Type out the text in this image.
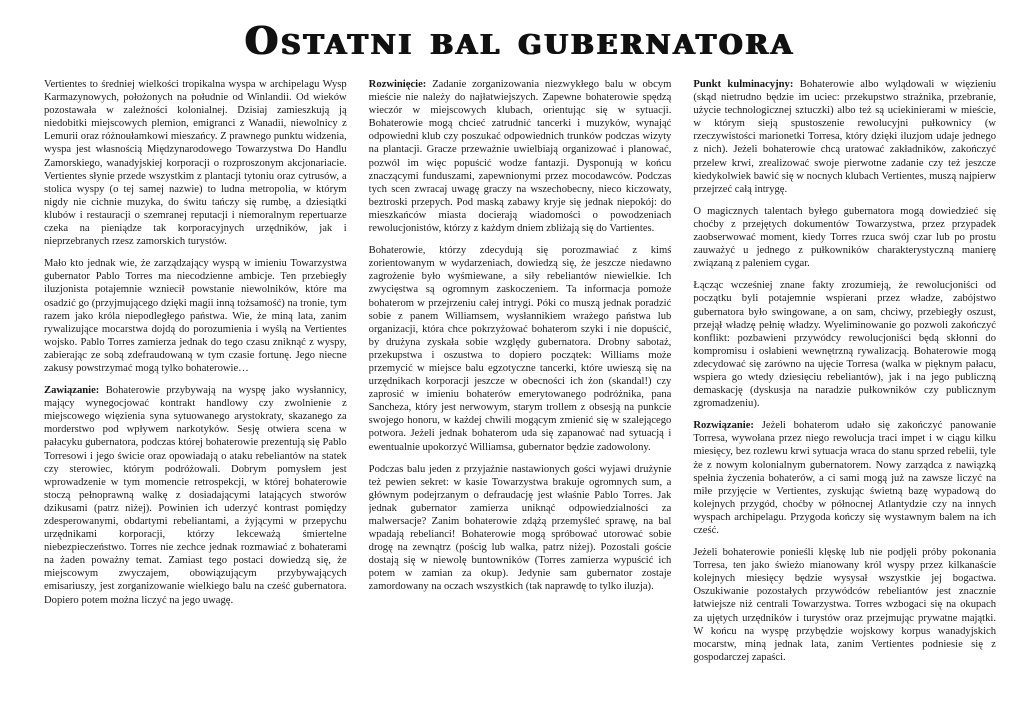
Ostatni bal gubernatora

Vertientes to średniej wielkości tropikalna wyspa w archipelagu Wysp Karmazynowych, położonych na południe od Winlandii. Od wieków pozostawała w zależności kolonialnej. Dzisiaj zamieszkują ją niedobitki miejscowych plemion, emigranci z Wanadii, niewolnicy z Lemurii oraz różnoułamkowi mieszańcy. Z prawnego punktu widzenia, wyspa jest własnością Międzynarodowego Towarzystwa Do Handlu Zamorskiego, wanadyjskiej korporacji o rozproszonym akcjonariacie. Vertientes słynie przede wszystkim z plantacji tytoniu oraz cytrusów, a stolica wyspy (o tej samej nazwie) to ludna metropolia, w którym nigdy nie cichnie muzyka, do świtu tańczy się rumbę, a dziesiątki klubów i restauracji o szemranej reputacji i niemoralnym repertuarze czeka na pieniądze tak korporacyjnych urzędników, jak i nieprzebranych rzesz zamorskich turystów.

Mało kto jednak wie, że zarządzający wyspą w imieniu Towarzystwa gubernator Pablo Torres ma niecodzienne ambicje. Ten przebiegły iluzjonista potajemnie wzniecił powstanie niewolników, które ma osadzić go (przyjmującego dzięki magii inną tożsamość) na tronie, tym razem jako króla niepodległego państwa. Wie, że miną lata, zanim rywalizujące mocarstwa dojdą do porozumienia i wyślą na Vertientes wojsko. Pablo Torres zamierza jednak do tego czasu zniknąć z wyspy, zabierając ze sobą zdefraudowaną w tym czasie fortunę. Jego niecne zakusy powstrzymać mogą tylko bohaterowie…

Zawiązanie: Bohaterowie przybywają na wyspę jako wysłannicy, mający wynegocjować kontrakt handlowy czy zwolnienie z miejscowego więzienia syna sytuowanego arystokraty, skazanego za morderstwo pod wpływem narkotyków. Sesję otwiera scena w pałacyku gubernatora, podczas której bohaterowie prezentują się Pablo Torresowi i jego świcie oraz opowiadają o ataku rebeliantów na statek czy sterowiec, którym podróżowali. Dobrym pomysłem jest wprowadzenie w tym momencie retrospekcji, w której bohaterowie stoczą pełnoprawną walkę z dosiadającymi latających stworów dzikusami (patrz niżej). Powinien ich uderzyć kontrast pomiędzy zdesperowanymi, obdartymi rebeliantami, a żyjącymi w przepychu urzędnikami korporacji, którzy lekceważą śmiertelne niebezpieczeństwo. Torres nie zechce jednak rozmawiać z bohaterami na żaden poważny temat. Zamiast tego postaci dowiedzą się, że miejscowym zwyczajem, obowiązującym przybywających emisariuszy, jest zorganizowanie wielkiego balu na cześć gubernatora. Dopiero potem można liczyć na jego uwagę.

Rozwinięcie: Zadanie zorganizowania niezwykłego balu w obcym mieście nie należy do najłatwiejszych. Zapewne bohaterowie spędzą wieczór w miejscowych klubach, orientując się w sytuacji. Bohaterowie mogą chcieć zatrudnić tancerki i muzyków, wynająć odpowiedni klub czy poszukać odpowiednich trunków podczas wizyty na plantacji. Gracze przeważnie uwielbiają organizować i planować, pozwól im więc popuścić wodze fantazji. Dysponują w końcu znaczącymi funduszami, zapewnionymi przez mocodawców. Podczas tych scen zwracaj uwagę graczy na wszechobecny, nieco kiczowaty, beztroski przepych. Pod maską zabawy kryje się jednak niepokój: do mieszkańców miasta docierają wiadomości o powodzeniach rewolucjonistów, którzy z każdym dniem zbliżają się do Vartientes.

Bohaterowie, którzy zdecydują się porozmawiać z kimś zorientowanym w wydarzeniach, dowiedzą się, że jeszcze niedawno zagrożenie było wyśmiewane, a siły rebeliantów niewielkie. Ich zwycięstwa są ogromnym zaskoczeniem. Ta informacja pomoże bohaterom w przejrzeniu całej intrygi. Póki co muszą jednak poradzić sobie z panem Williamsem, wysłannikiem wrażego państwa lub organizacji, która chce pokrzyżować bohaterom szyki i nie dopuścić, by drużyna zyskała sobie względy gubernatora. Drobny sabotaż, przekupstwa i oszustwa to dopiero początek: Williams może przemycić w miejsce balu egzotyczne tancerki, które uwieszą się na urzędnikach korporacji jeszcze w obecności ich żon (skandal!) czy zaprosić w imieniu bohaterów emerytowanego podróżnika, pana Sancheza, który jest nerwowym, starym trollem z obsesją na punkcie swojego honoru, w każdej chwili mogącym zmienić się w szalejącego potwora. Jeżeli jednak bohaterom uda się zapanować nad sytuacją i ewentualnie upokorzyć Williamsa, gubernator będzie zadowolony.

Podczas balu jeden z przyjaźnie nastawionych gości wyjawi drużynie też pewien sekret: w kasie Towarzystwa brakuje ogromnych sum, a głównym podejrzanym o defraudację jest właśnie Pablo Torres. Jak jednak gubernator zamierza uniknąć odpowiedzialności za malwersacje? Zanim bohaterowie zdążą przemyśleć sprawę, na bal wpadają rebelianci! Bohaterowie mogą spróbować utorować sobie drogę na zewnątrz (pościg lub walka, patrz niżej). Pozostali goście dostają się w niewolę buntowników (Torres zamierza wypuścić ich potem w zamian za okup). Jedynie sam gubernator zostaje zamordowany na oczach wszystkich (tak naprawdę to tylko iluzja).

Punkt kulminacyjny: Bohaterowie albo wylądowali w więzieniu (skąd nietrudno będzie im uciec: przekupstwo strażnika, przebranie, użycie technologicznej sztuczki) albo też są uciekinierami w mieście, w którym sieją spustoszenie rewolucyjni pułkownicy (w rzeczywistości marionetki Torresa, który dzięki iluzjom udaje jednego z nich). Jeżeli bohaterowie chcą uratować zakładników, zakończyć przelew krwi, zrealizować swoje pierwotne zadanie czy też jeszcze kiedykolwiek bawić się w nocnych klubach Vertientes, muszą najpierw przejrzeć całą intrygę.

O magicznych talentach byłego gubernatora mogą dowiedzieć się choćby z przejętych dokumentów Towarzystwa, przez przypadek zaobserwować moment, kiedy Torres rzuca swój czar lub po prostu zauważyć u jednego z pułkowników charakterystyczną manierę związaną z paleniem cygar.

Łącząc wcześniej znane fakty zrozumieją, że rewolucjoniści od początku byli potajemnie wspierani przez władze, zabójstwo gubernatora było swingowane, a on sam, chciwy, przebiegły oszust, przejął władzę pełnię władzy. Wyeliminowanie go pozwoli zakończyć konflikt: pozbawieni przywódcy rewolucjoniści będą skłonni do kompromisu i osłabieni wewnętrzną rywalizacją. Bohaterowie mogą zdecydować się zarówno na ujęcie Torresa (walka w pięknym pałacu, wspiera go wtedy dziesięciu rebeliantów), jak i na jego publiczną demaskację (dyskusja na naradzie pułkowników czy publicznym zgromadzeniu).

Rozwiązanie: Jeżeli bohaterom udało się zakończyć panowanie Torresa, wywołana przez niego rewolucja traci impet i w ciągu kilku miesięcy, bez rozlewu krwi sytuacja wraca do stanu sprzed rebelii, tyle że z nowym kolonialnym gubernatorem. Nowy zarządca z nawiązką spełnia życzenia bohaterów, a ci sami mogą już na zawsze liczyć na miłe przyjęcie w Vertientes, zyskując świetną bazę wypadową do kolejnych przygód, choćby w północnej Atlantydzie czy na innych wyspach archipelagu. Przygoda kończy się wystawnym balem na ich cześć.

Jeżeli bohaterowie ponieśli klęskę lub nie podjęli próby pokonania Torresa, ten jako świeżo mianowany król wyspy przez kilkanaście kolejnych miesięcy będzie wysysał wszystkie jej bogactwa. Oszukiwanie pozostałych przywódców rebeliantów jest znacznie łatwiejsze niż centrali Towarzystwa. Torres wzbogaci się na okupach za ujętych urzędników i turystów oraz przejmując prywatne majątki. W końcu na wyspę przybędzie wojskowy korpus wanadyjskich mocarstw, miną jednak lata, zanim Vertientes podniesie się z gospodarczej zapaści.
